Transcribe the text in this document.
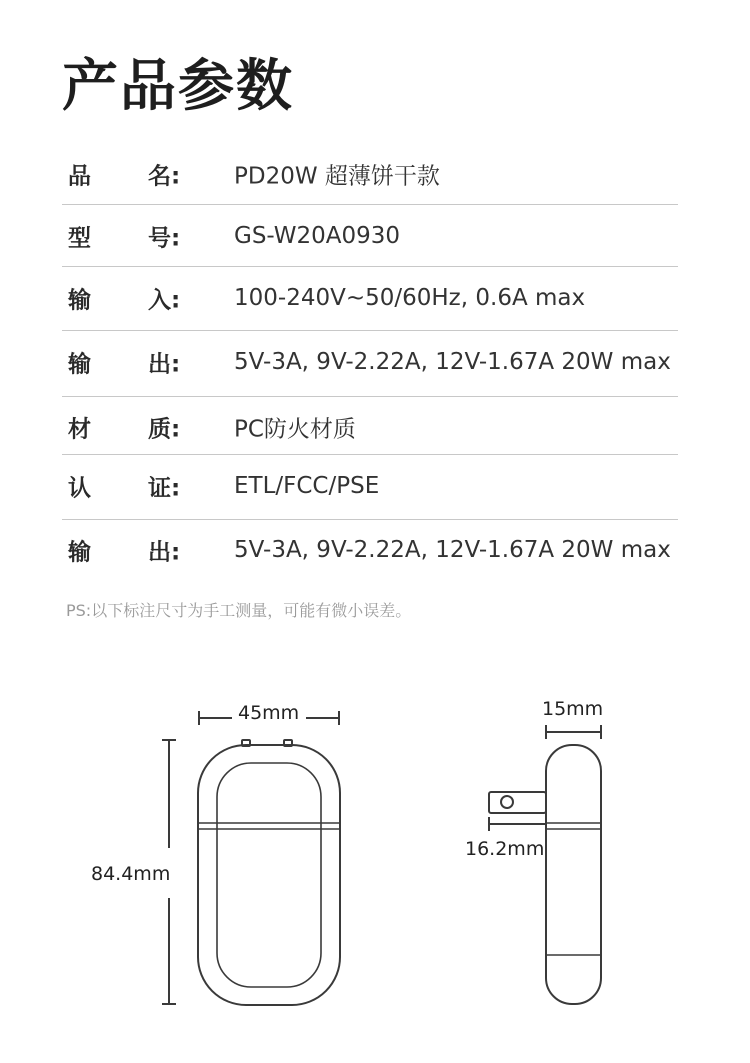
产品参数
品 名: PD20W 超薄饼干款
型 号: GS-W20A0930
输 入: 100-240V~50/60Hz, 0.6A max
输 出: 5V-3A, 9V-2.22A, 12V-1.67A 20W max
材 质: PC防火材质
认 证: ETL/FCC/PSE
输 出: 5V-3A, 9V-2.22A, 12V-1.67A 20W max
PS:以下标注尺寸为手工测量，可能有微小误差。
45mm
84.4mm
15mm
16.2mm
